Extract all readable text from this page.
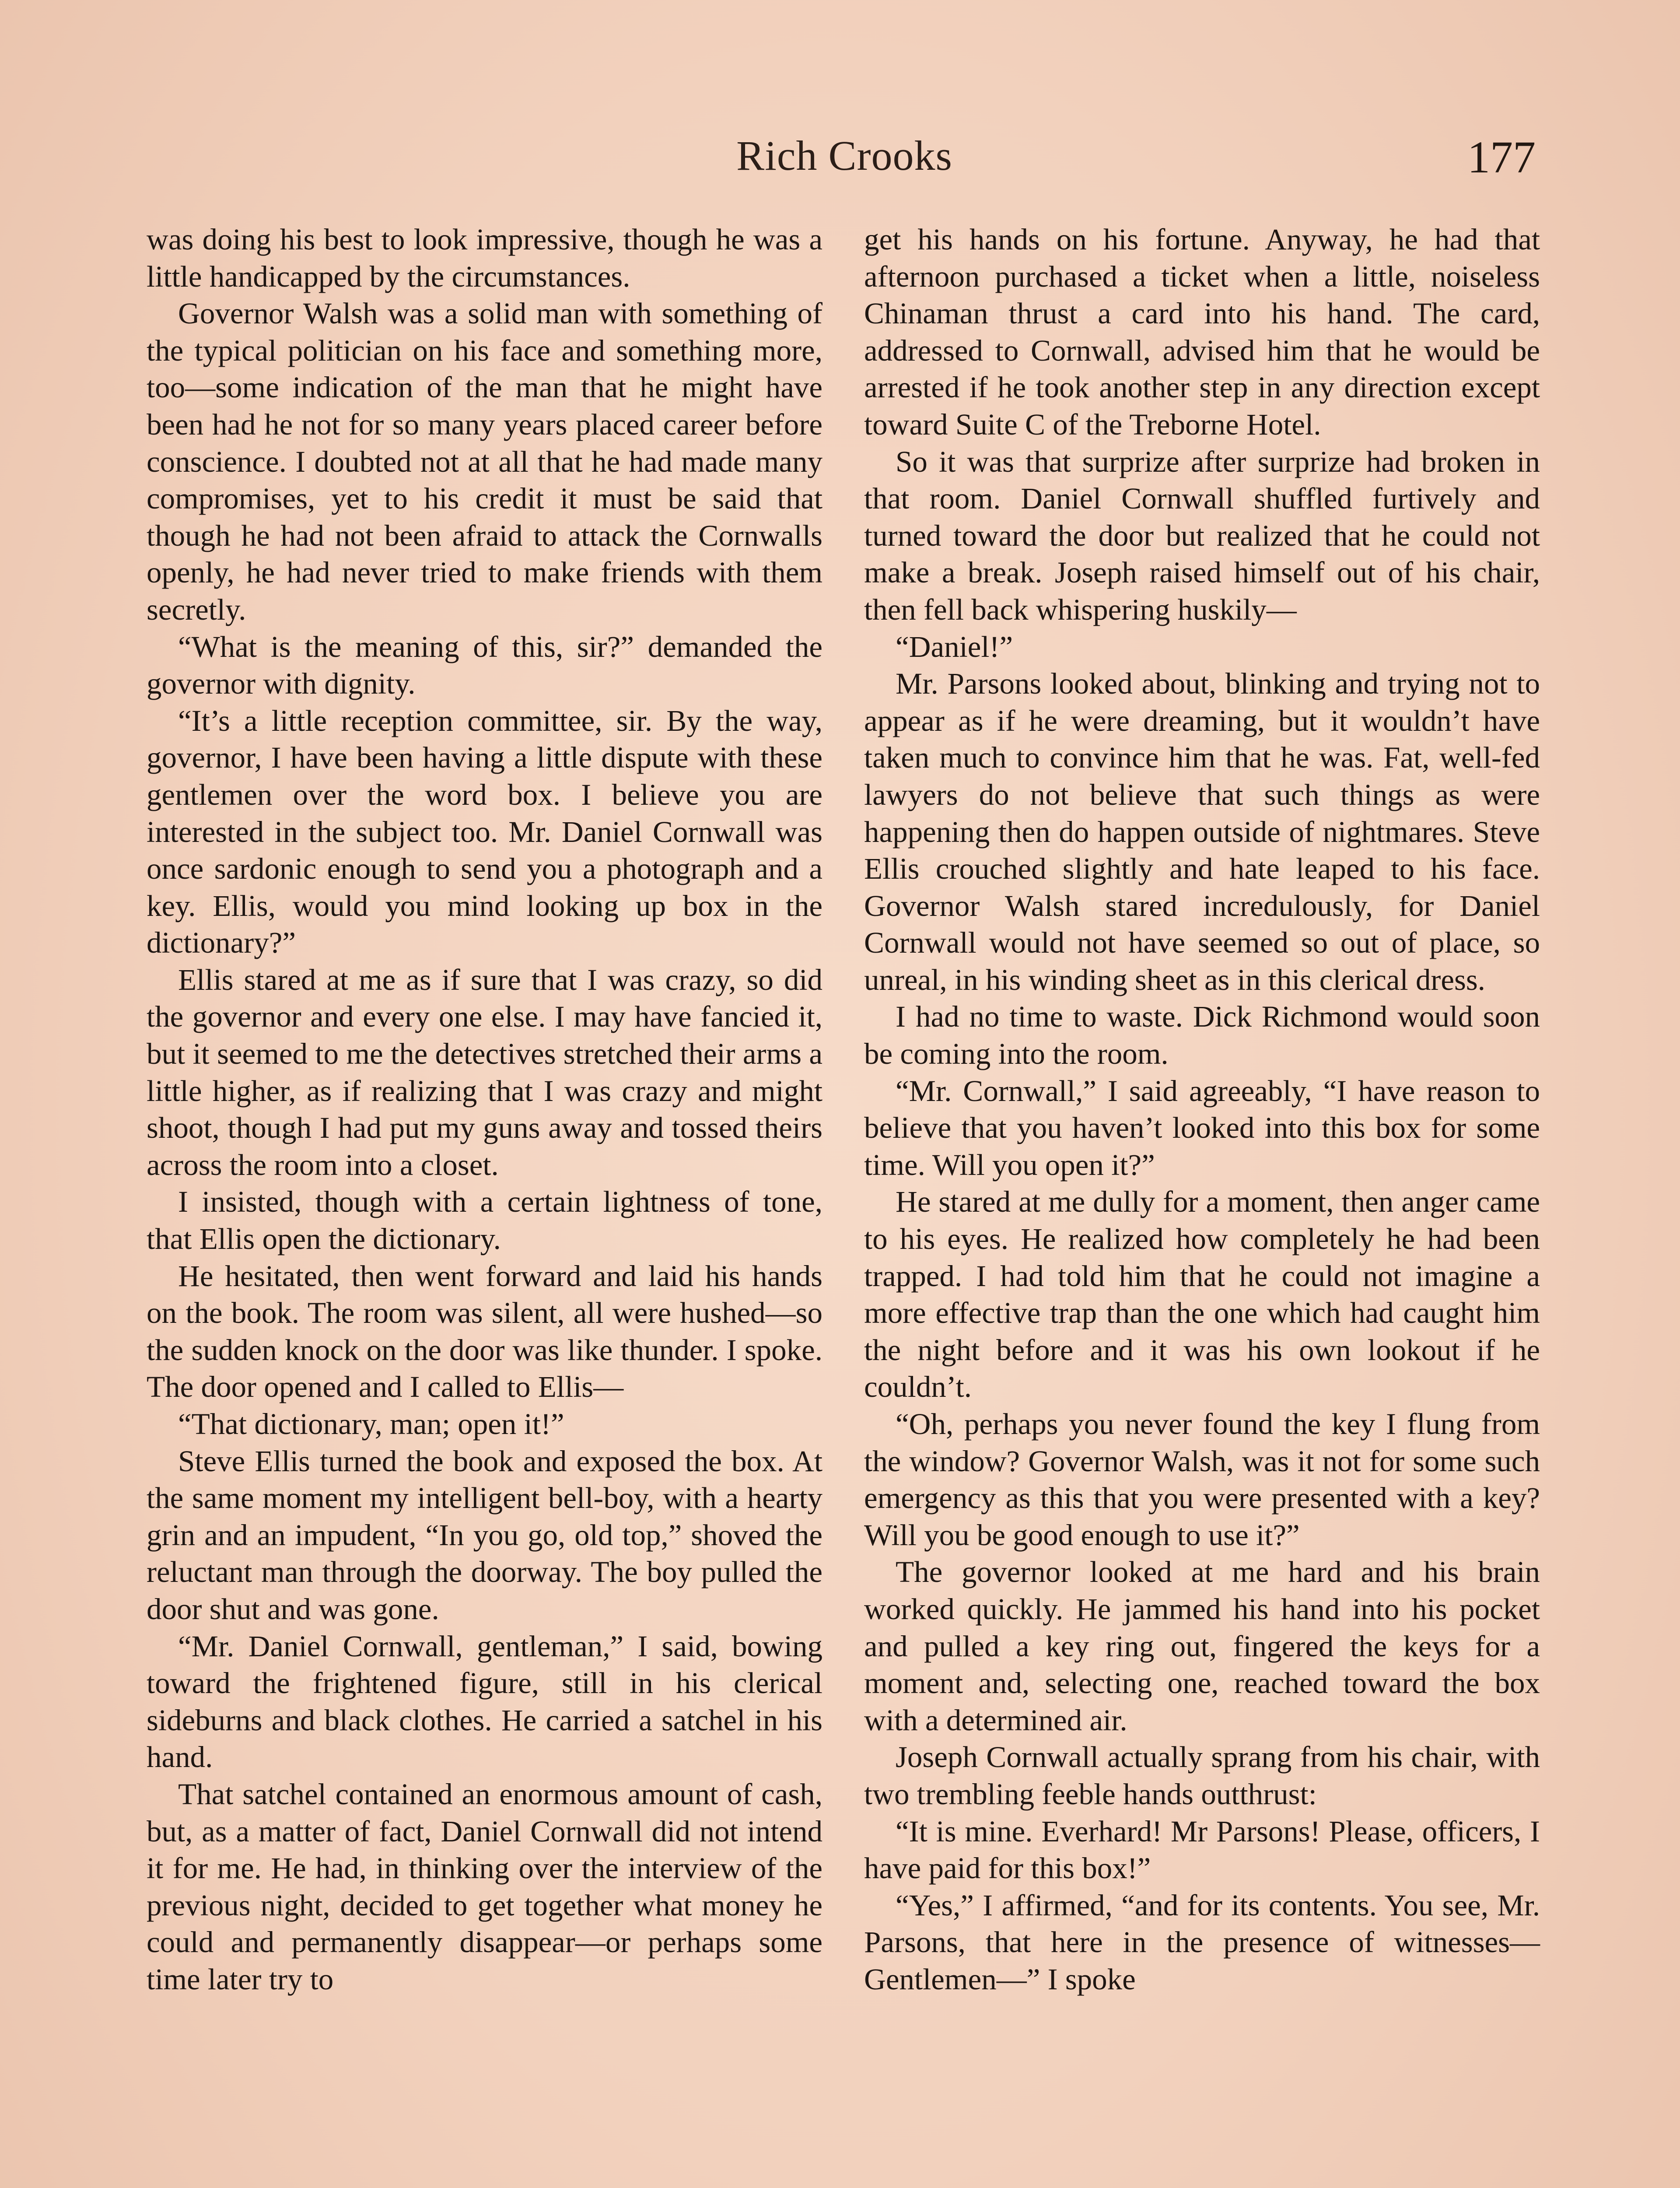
Rich Crooks	177

was doing his best to look impressive, though he was a little handicapped by the circumstances.

Governor Walsh was a solid man with something of the typical politician on his face and something more, too—some indication of the man that he might have been had he not for so many years placed career before conscience. I doubted not at all that he had made many compromises, yet to his credit it must be said that though he had not been afraid to attack the Cornwalls openly, he had never tried to make friends with them secretly.

“What is the meaning of this, sir?” demanded the governor with dignity.

“It’s a little reception committee, sir. By the way, governor, I have been having a little dispute with these gentlemen over the word box. I believe you are interested in the subject too. Mr. Daniel Cornwall was once sardonic enough to send you a photograph and a key. Ellis, would you mind looking up box in the dictionary?”

Ellis stared at me as if sure that I was crazy, so did the governor and every one else. I may have fancied it, but it seemed to me the detectives stretched their arms a little higher, as if realizing that I was crazy and might shoot, though I had put my guns away and tossed theirs across the room into a closet.

I insisted, though with a certain lightness of tone, that Ellis open the dictionary.

He hesitated, then went forward and laid his hands on the book. The room was silent, all were hushed—so the sudden knock on the door was like thunder. I spoke. The door opened and I called to Ellis—

“That dictionary, man; open it!”

Steve Ellis turned the book and exposed the box. At the same moment my intelligent bell-boy, with a hearty grin and an impudent, “In you go, old top,” shoved the reluctant man through the doorway. The boy pulled the door shut and was gone.

“Mr. Daniel Cornwall, gentleman,” I said, bowing toward the frightened figure, still in his clerical sideburns and black clothes. He carried a satchel in his hand.

That satchel contained an enormous amount of cash, but, as a matter of fact, Daniel Cornwall did not intend it for me. He had, in thinking over the interview of the previous night, decided to get together what money he could and permanently disappear—or perhaps some time later try to

get his hands on his fortune. Anyway, he had that afternoon purchased a ticket when a little, noiseless Chinaman thrust a card into his hand. The card, addressed to Cornwall, advised him that he would be arrested if he took another step in any direction except toward Suite C of the Treborne Hotel.

So it was that surprize after surprize had broken in that room. Daniel Cornwall shuffled furtively and turned toward the door but realized that he could not make a break. Joseph raised himself out of his chair, then fell back whispering huskily—

“Daniel!”

Mr. Parsons looked about, blinking and trying not to appear as if he were dreaming, but it wouldn’t have taken much to convince him that he was. Fat, well-fed lawyers do not believe that such things as were happening then do happen outside of nightmares. Steve Ellis crouched slightly and hate leaped to his face. Governor Walsh stared incredulously, for Daniel Cornwall would not have seemed so out of place, so unreal, in his winding sheet as in this clerical dress.

I had no time to waste. Dick Richmond would soon be coming into the room.

“Mr. Cornwall,” I said agreeably, “I have reason to believe that you haven’t looked into this box for some time. Will you open it?”

He stared at me dully for a moment, then anger came to his eyes. He realized how completely he had been trapped. I had told him that he could not imagine a more effective trap than the one which had caught him the night before and it was his own lookout if he couldn’t.

“Oh, perhaps you never found the key I flung from the window? Governor Walsh, was it not for some such emergency as this that you were presented with a key? Will you be good enough to use it?”

The governor looked at me hard and his brain worked quickly. He jammed his hand into his pocket and pulled a key ring out, fingered the keys for a moment and, selecting one, reached toward the box with a determined air.

Joseph Cornwall actually sprang from his chair, with two trembling feeble hands outthrust:

“It is mine. Everhard! Mr Parsons! Please, officers, I have paid for this box!”

“Yes,” I affirmed, “and for its contents. You see, Mr. Parsons, that here in the presence of witnesses— Gentlemen—” I spoke
